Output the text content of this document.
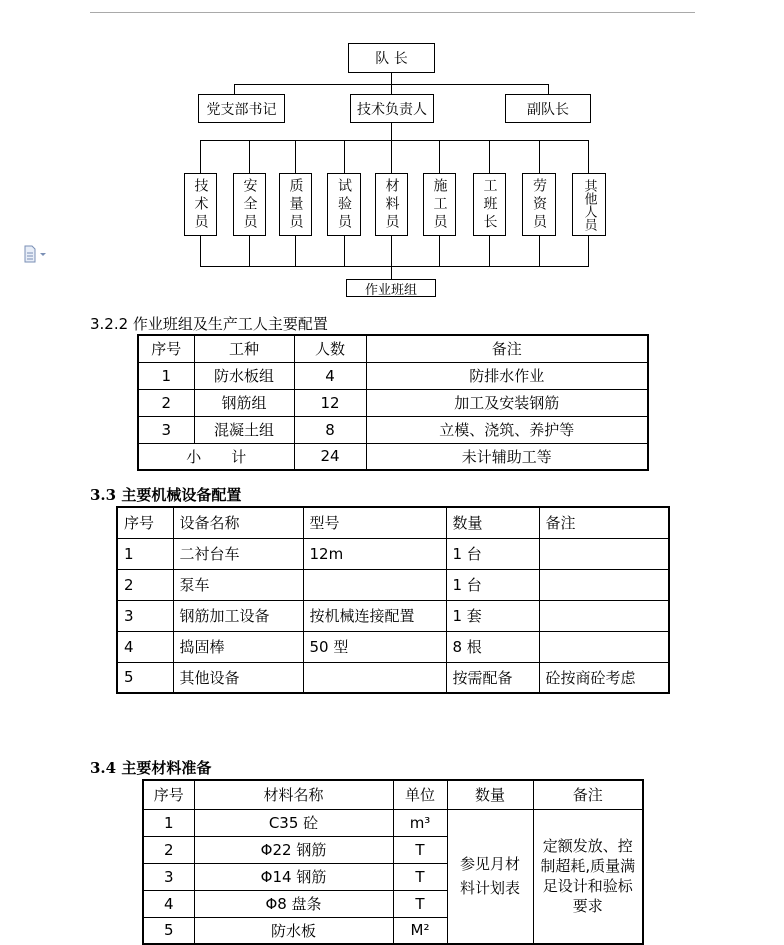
队 长
党支部书记	技术负责人	副队长
技术员	安全员	质量员	试验员	材料员	施工员	工班长	劳资员	其他人员
作业班组
3.2.2 作业班组及生产工人主要配置
序号	工种	人数	备注
1	防水板组	4	防排水作业
2	钢筋组	12	加工及安装钢筋
3	混凝土组	8	立模、浇筑、养护等
小　　计		24	未计辅助工等
3.3 主要机械设备配置
序号	设备名称	型号	数量	备注
1	二衬台车	12m	1 台	
2	泵车		1 台	
3	钢筋加工设备	按机械连接配置	1 套	
4	捣固棒	50 型	8 根	
5	其他设备		按需配备	砼按商砼考虑
3.4 主要材料准备
序号	材料名称	单位	数量	备注
1	C35 砼	m³	参见月材料计划表	定额发放、控制超耗,质量满足设计和验标要求
2	Φ22 钢筋	T		
3	Φ14 钢筋	T		
4	Φ8 盘条	T		
5	防水板	M²		
